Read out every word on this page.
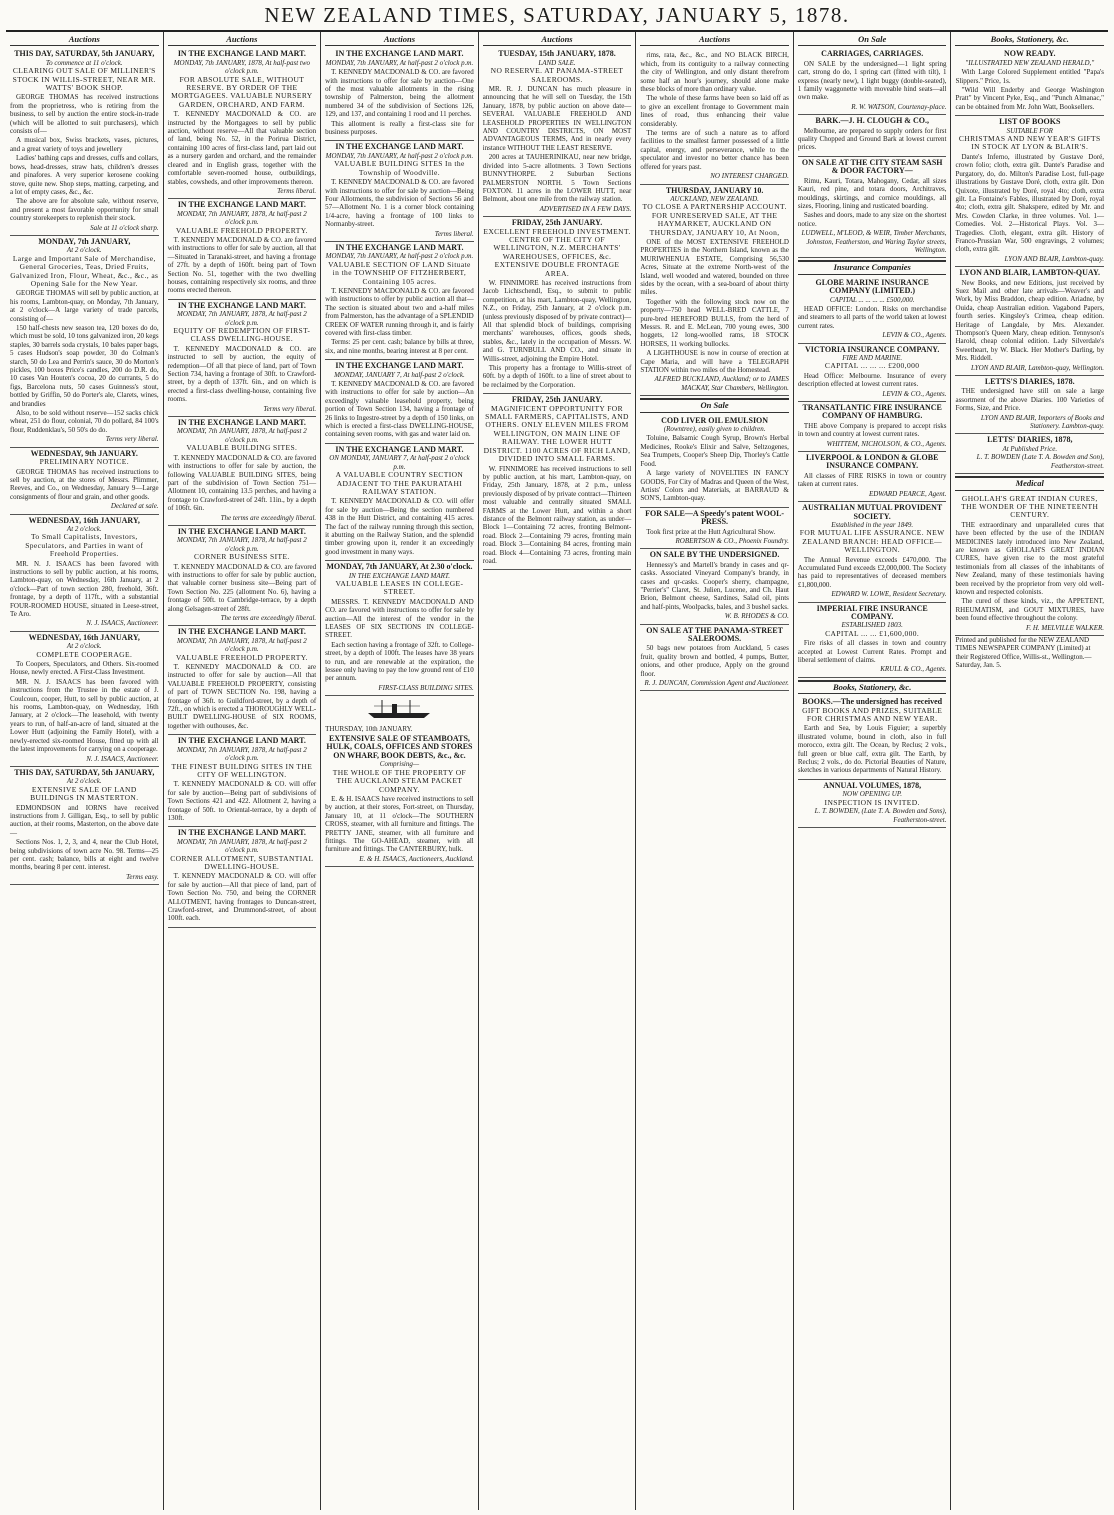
NEW ZEALAND TIMES, SATURDAY, JANUARY 5, 1878.
Auctions
THIS DAY, SATURDAY, 5th JANUARY,
To commence at 11 o'clock.
CLEARING OUT SALE OF MILLINER'S STOCK IN WILLIS-STREET, NEAR MR. WATTS' BOOK SHOP.

GEORGE THOMAS has received instructions from the proprietress, who is retiring from the business, to sell by auction the entire stock-in-trade (which will be allotted to suit purchasers), which consists of—

A musical box, Swiss brackets, vases, pictures, and a great variety of toys and jewellery

Ladies' bathing caps and dresses, cuffs and collars, bows, head-dresses, straw hats, children's dresses and pinafores. A very superior kerosene cooking stove, quite new. Shop steps, matting, carpeting, and a lot of empty cases, &c., &c.

The above are for absolute sale, without reserve, and present a most favorable opportunity for small country storekeepers to replenish their stock.

Sale at 11 o'clock sharp.
MONDAY, 7th JANUARY,
At 2 o'clock.
Large and Important Sale of Merchandise, General Groceries, Teas, Dried Fruits, Galvanized Iron, Flour, Wheat, &c., &c., as Opening Sale for the New Year.

GEORGE THOMAS will sell by public auction, at his rooms, Lambton-quay, on Monday, 7th January, at 2 o'clock—A large variety of trade parcels, consisting of—

150 half-chests new season tea, 120 boxes do do, which must be sold, 10 tons galvanized iron, 20 kegs staples, 30 barrels soda crystals, 10 bales paper bags, 5 cases Hudson's soap powder, 30 do Colman's starch, 50 do Lea and Perrin's sauce, 30 do Morton's pickles, 100 boxes Price's candles, 200 do D.R. do, 10 cases Van Houten's cocoa, 20 do currants, 5 do figs, Barcelona nuts, 50 cases Guinness's stout, bottled by Griffin, 50 do Porter's ale, Clarets, wines, and brandies

Also, to be sold without reserve—152 sacks chick wheat, 251 do flour, colonial, 70 do pollard, 84 100's flour, Ruddenklau's, 50 50's do do.

Terms very liberal.
WEDNESDAY, 9th JANUARY.
PRELIMINARY NOTICE.

GEORGE THOMAS has received instructions to sell by auction, at the stores of Messrs. Plimmer, Reeves, and Co., on Wednesday, January 9—Large consignments of flour and grain, and other goods.

Declared at sale.
WEDNESDAY, 16th JANUARY,
At 2 o'clock.
To Small Capitalists, Investors, Speculators, and Parties in want of Freehold Properties.

MR. N. J. ISAACS has been favored with instructions to sell by public auction, at his rooms, Lambton-quay, on Wednesday, 16th January, at 2 o'clock—Part of town section 280, freehold, 36ft. frontage, by a depth of 117ft., with a substantial FOUR-ROOMED HOUSE, situated in Leese-street, Te Aro.

N. J. ISAACS, Auctioneer.
WEDNESDAY, 16th JANUARY,
At 2 o'clock.
COMPLETE COOPERAGE.

To Coopers, Speculators, and Others. Six-roomed House, newly erected. A First-Class Investment.

MR. N. J. ISAACS has been favored with instructions from the Trustee in the estate of J. Coulcoun, cooper, Hutt, to sell by public auction, at his rooms, Lambton-quay, on Wednesday, 16th January, at 2 o'clock—The leasehold, with twenty years to run, of half-an-acre of land, situated at the Lower Hutt (adjoining the Family Hotel), with a newly-erected six-roomed House, fitted up with all the latest improvements for carrying on a cooperage.

N. J. ISAACS, Auctioneer.
THIS DAY, SATURDAY, 5th JANUARY,
At 2 o'clock.
EXTENSIVE SALE OF LAND BUILDINGS IN MASTERTON.

EDMONDSON and IORNS have received instructions from J. Gilligan, Esq., to sell by public auction, at their rooms, Masterton, on the above date—

Sections Nos. 1, 2, 3, and 4, near the Club Hotel, being subdivisions of town acre No. 98. Terms—25 per cent. cash; balance, bills at eight and twelve months, bearing 8 per cent. interest.

Terms easy.
Auctions
IN THE EXCHANGE LAND MART.
MONDAY, 7th JANUARY, 1878, At half-past two o'clock p.m.
FOR ABSOLUTE SALE, WITHOUT RESERVE. BY ORDER OF THE MORTGAGEES. VALUABLE NURSERY GARDEN, ORCHARD, AND FARM.

T. KENNEDY MACDONALD & CO. are instructed by the Mortgagees to sell by public auction, without reserve—All that valuable section of land, being No. 52, in the Porirua District, containing 100 acres of first-class land, part laid out as a nursery garden and orchard, and the remainder cleared and in English grass, together with the comfortable seven-roomed house, outbuildings, stables, cowsheds, and other improvements thereon.

Terms liberal.
IN THE EXCHANGE LAND MART.
MONDAY, 7th JANUARY, 1878, At half-past 2 o'clock p.m.
VALUABLE FREEHOLD PROPERTY.

T. KENNEDY MACDONALD & CO. are favored with instructions to offer for sale by auction, all that—Situated in Taranaki-street, and having a frontage of 27ft. by a depth of 160ft. being part of Town Section No. 51, together with the two dwelling houses, containing respectively six rooms, and three rooms erected thereon.

IN THE EXCHANGE LAND MART.
MONDAY, 7th JANUARY, 1878, At half-past 2 o'clock p.m.
EQUITY OF REDEMPTION OF FIRST-CLASS DWELLING-HOUSE.

T. KENNEDY MACDONALD & CO. are instructed to sell by auction, the equity of redemption—Of all that piece of land, part of Town Section 734, having a frontage of 30ft. to Crawford-street, by a depth of 137ft. 6in., and on which is erected a first-class dwelling-house, containing five rooms.

Terms very liberal.
IN THE EXCHANGE LAND MART.
MONDAY, 7th JANUARY, 1878, At half-past 2 o'clock p.m.
VALUABLE BUILDING SITES.

T. KENNEDY MACDONALD & CO. are favored with instructions to offer for sale by auction, the following VALUABLE BUILDING SITES, being part of the subdivision of Town Section 751—Allotment 10, containing 13.5 perches, and having a frontage to Crawford-street of 24ft. 11in., by a depth of 106ft. 6in.

The terms are exceedingly liberal.
IN THE EXCHANGE LAND MART.
MONDAY, 7th JANUARY, 1878, At half-past 2 o'clock p.m.
CORNER BUSINESS SITE.

T. KENNEDY MACDONALD & CO. are favored with instructions to offer for sale by public auction, that valuable corner business site—Being part of Town Section No. 225 (allotment No. 6), having a frontage of 50ft. to Cambridge-terrace, by a depth along Gelsagen-street of 28ft.

The terms are exceedingly liberal.
IN THE EXCHANGE LAND MART.
MONDAY, 7th JANUARY, 1878, At half-past 2 o'clock p.m.
VALUABLE FREEHOLD PROPERTY.

T. KENNEDY MACDONALD & CO. are instructed to offer for sale by auction—All that VALUABLE FREEHOLD PROPERTY, consisting of part of TOWN SECTION No. 198, having a frontage of 36ft. to Guildford-street, by a depth of 72ft., on which is erected a THOROUGHLY WELL-BUILT DWELLING-HOUSE of SIX ROOMS, together with outhouses, &c.

IN THE EXCHANGE LAND MART.
MONDAY, 7th JANUARY, 1878, At half-past 2 o'clock p.m.
THE FINEST BUILDING SITES IN THE CITY OF WELLINGTON.

T. KENNEDY MACDONALD & CO. will offer for sale by auction—Being part of subdivisions of Town Sections 421 and 422. Allotment 2, having a frontage of 50ft. to Oriental-terrace, by a depth of 130ft.

IN THE EXCHANGE LAND MART.
MONDAY, 7th JANUARY, 1878, At half-past 2 o'clock p.m.
CORNER ALLOTMENT, SUBSTANTIAL DWELLING-HOUSE.

T. KENNEDY MACDONALD & CO. will offer for sale by auction—All that piece of land, part of Town Section No. 750, and being the CORNER ALLOTMENT, having frontages to Duncan-street, Crawford-street, and Drummond-street, of about 100ft. each.

Auctions
IN THE EXCHANGE LAND MART.
MONDAY, 7th JANUARY, At half-past 2 o'clock p.m.

T. KENNEDY MACDONALD & CO. are favored with instructions to offer for sale by auction—One of the most valuable allotments in the rising township of Palmerston, being the allotment numbered 34 of the subdivision of Sections 126, 129, and 137, and containing 1 rood and 11 perches.

This allotment is really a first-class site for business purposes.

IN THE EXCHANGE LAND MART.
MONDAY, 7th JANUARY, At half-past 2 o'clock p.m.
VALUABLE BUILDING SITES In the Township of Woodville.

T. KENNEDY MACDONALD & CO. are favored with instructions to offer for sale by auction—Being Four Allotments, the subdivision of Sections 56 and 57—Allotment No. 1 is a corner block containing 1/4-acre, having a frontage of 100 links to Normanby-street.

Terms liberal.
IN THE EXCHANGE LAND MART.
MONDAY, 7th JANUARY, At half-past 2 o'clock p.m.
VALUABLE SECTION OF LAND Situate in the TOWNSHIP OF FITZHERBERT, Containing 105 acres.

T. KENNEDY MACDONALD & CO. are favored with instructions to offer by public auction all that—The section is situated about two and a-half miles from Palmerston, has the advantage of a SPLENDID CREEK OF WATER running through it, and is fairly covered with first-class timber.

Terms: 25 per cent. cash; balance by bills at three, six, and nine months, bearing interest at 8 per cent.

IN THE EXCHANGE LAND MART.
MONDAY, JANUARY 7, At half-past 2 o'clock.

T. KENNEDY MACDONALD & CO. are favored with instructions to offer for sale by auction—An exceedingly valuable leasehold property, being portion of Town Section 134, having a frontage of 26 links to Ingestre-street by a depth of 150 links, on which is erected a first-class DWELLING-HOUSE, containing seven rooms, with gas and water laid on.

IN THE EXCHANGE LAND MART.
ON MONDAY, JANUARY 7, At half-past 2 o'clock p.m.
A VALUABLE COUNTRY SECTION ADJACENT TO THE PAKURATAHI RAILWAY STATION.

T. KENNEDY MACDONALD & CO. will offer for sale by auction—Being the section numbered 438 in the Hutt District, and containing 415 acres. The fact of the railway running through this section, it abutting on the Railway Station, and the splendid timber growing upon it, render it an exceedingly good investment in many ways.

MONDAY, 7th JANUARY, At 2.30 o'clock.
IN THE EXCHANGE LAND MART.
VALUABLE LEASES IN COLLEGE-STREET.

MESSRS. T. KENNEDY MACDONALD AND CO. are favored with instructions to offer for sale by auction—All the interest of the vendor in the LEASES OF SIX SECTIONS IN COLLEGE-STREET.

Each section having a frontage of 32ft. to College-street, by a depth of 100ft. The leases have 38 years to run, and are renewable at the expiration, the lessee only having to pay the low ground rent of £10 per annum.

FIRST-CLASS BUILDING SITES.
THURSDAY, 10th JANUARY.
EXTENSIVE SALE OF STEAMBOATS, HULK, COALS, OFFICES AND STORES ON WHARF, BOOK DEBTS, &c., &c.
Comprising—
THE WHOLE OF THE PROPERTY OF THE AUCKLAND STEAM PACKET COMPANY.

E. & H. ISAACS have received instructions to sell by auction, at their stores, Fort-street, on Thursday, January 10, at 11 o'clock—The SOUTHERN CROSS, steamer, with all furniture and fittings. The PRETTY JANE, steamer, with all furniture and fittings. The GO-AHEAD, steamer, with all furniture and fittings. The CANTERBURY, hulk.

E. & H. ISAACS, Auctioneers, Auckland.
Auctions
TUESDAY, 15th JANUARY, 1878.
LAND SALE.
NO RESERVE. AT PANAMA-STREET SALEROOMS.

MR. R. J. DUNCAN has much pleasure in announcing that he will sell on Tuesday, the 15th January, 1878, by public auction on above date—SEVERAL VALUABLE FREEHOLD AND LEASEHOLD PROPERTIES IN WELLINGTON AND COUNTRY DISTRICTS, ON MOST ADVANTAGEOUS TERMS, And in nearly every instance WITHOUT THE LEAST RESERVE.

200 acres at TAUHERINIKAU, near new bridge, divided into 5-acre allotments. 3 Town Sections BUNNYTHORPE. 2 Suburban Sections PALMERSTON NORTH. 5 Town Sections FOXTON. 11 acres in the LOWER HUTT, near Belmont, about one mile from the railway station.

ADVERTISED IN A FEW DAYS.
FRIDAY, 25th JANUARY.
EXCELLENT FREEHOLD INVESTMENT. CENTRE OF THE CITY OF WELLINGTON, N.Z. MERCHANTS' WAREHOUSES, OFFICES, &c. EXTENSIVE DOUBLE FRONTAGE AREA.

W. FINNIMORE has received instructions from Jacob Lichtschendl, Esq., to submit to public competition, at his mart, Lambton-quay, Wellington, N.Z., on Friday, 25th January, at 2 o'clock p.m. (unless previously disposed of by private contract)—All that splendid block of buildings, comprising merchants' warehouses, offices, goods sheds, stables, &c., lately in the occupation of Messrs. W. and G. TURNBULL AND CO., and situate in Willis-street, adjoining the Empire Hotel.

This property has a frontage to Willis-street of 60ft. by a depth of 160ft. to a line of street about to be reclaimed by the Corporation.

FRIDAY, 25th JANUARY.
MAGNIFICENT OPPORTUNITY FOR SMALL FARMERS, CAPITALISTS, AND OTHERS. ONLY ELEVEN MILES FROM WELLINGTON, ON MAIN LINE OF RAILWAY. THE LOWER HUTT DISTRICT. 1100 ACRES OF RICH LAND, DIVIDED INTO SMALL FARMS.

W. FINNIMORE has received instructions to sell by public auction, at his mart, Lambton-quay, on Friday, 25th January, 1878, at 2 p.m., unless previously disposed of by private contract—Thirteen most valuable and centrally situated SMALL FARMS at the Lower Hutt, and within a short distance of the Belmont railway station, as under—Block 1—Containing 72 acres, fronting Belmont-road. Block 2—Containing 79 acres, fronting main road. Block 3—Containing 84 acres, fronting main road. Block 4—Containing 73 acres, fronting main road.

Auctions

rims, rata, &c., &c., and NO BLACK BIRCH, which, from its contiguity to a railway connecting the city of Wellington, and only distant therefrom some half an hour's journey, should alone make these blocks of more than ordinary value.

The whole of these farms have been so laid off as to give an excellent frontage to Government main lines of road, thus enhancing their value considerably.

The terms are of such a nature as to afford facilities to the smallest farmer possessed of a little capital, energy, and perseverance, while to the speculator and investor no better chance has been offered for years past.

NO INTEREST CHARGED.
THURSDAY, JANUARY 10.
AUCKLAND, NEW ZEALAND.
TO CLOSE A PARTNERSHIP ACCOUNT. FOR UNRESERVED SALE, AT THE HAYMARKET, AUCKLAND ON THURSDAY, JANUARY 10, At Noon,

ONE of the MOST EXTENSIVE FREEHOLD PROPERTIES in the Northern Island, known as the MURIWHENUA ESTATE, Comprising 56,530 Acres, Situate at the extreme North-west of the Island, well wooded and watered, bounded on three sides by the ocean, with a sea-board of about thirty miles.

Together with the following stock now on the property—750 head WELL-BRED CATTLE, 7 pure-bred HEREFORD BULLS, from the herd of Messrs. R. and E. McLean, 700 young ewes, 300 hoggets, 12 long-woolled rams, 18 STOCK HORSES, 11 working bullocks.

A LIGHTHOUSE is now in course of erection at Cape Maria, and will have a TELEGRAPH STATION within two miles of the Homestead.

ALFRED BUCKLAND, Auckland; or to JAMES MACKAY, Star Chambers, Wellington.
On Sale
COD LIVER OIL EMULSION
(Rowntree), easily given to children.

Toluine, Balsamic Cough Syrup, Brown's Herbal Medicines, Rooke's Elixir and Salve, Seltzogenes, Sea Trumpets, Cooper's Sheep Dip, Thorley's Cattle Food.

A large variety of NOVELTIES IN FANCY GOODS, For City of Madras and Queen of the West, Artists' Colors and Materials, at BARRAUD & SON'S, Lambton-quay.

FOR SALE—A Speedy's patent WOOL-PRESS.

Took first prize at the Hutt Agricultural Show.

ROBERTSON & CO., Phoenix Foundry.
ON SALE BY THE UNDERSIGNED.

Hennessy's and Martell's brandy in cases and qr-casks. Associated Vineyard Company's brandy, in cases and qr-casks. Cooper's sherry, champagne, "Perrier's" Claret, St. Julien, Lucene, and Ch. Haut Brion, Belmont cheese, Sardines, Salad oil, pints and half-pints, Woolpacks, bales, and 3 bushel sacks.

W. B. RHODES & CO.
ON SALE AT THE PANAMA-STREET SALEROOMS.

50 bags new potatoes from Auckland, 5 cases fruit, quality brown and bottled, 4 pumps, Butter, onions, and other produce, Apply on the ground floor.

R. J. DUNCAN, Commission Agent and Auctioneer.
On Sale
CARRIAGES, CARRIAGES.

ON SALE by the undersigned—1 light spring cart, strong do do, 1 spring cart (fitted with tilt), 1 express (nearly new), 1 light buggy (double-seated), 1 family waggonette with moveable hind seats—all own make.

R. W. WATSON, Courtenay-place.
BARK.—J. H. CLOUGH & CO.,

Melbourne, are prepared to supply orders for first quality Chopped and Ground Bark at lowest current prices.

ON SALE AT THE CITY STEAM SASH & DOOR FACTORY—

Rimu, Kauri, Totara, Mahogany, Cedar, all sizes Kauri, red pine, and totara doors, Architraves, mouldings, skirtings, and cornice mouldings, all sizes, Flooring, lining and rusticated boarding.

Sashes and doors, made to any size on the shortest notice.

LUDWELL, M'LEOD, & WEIR, Timber Merchants, Johnston, Featherston, and Waring Taylor streets, Wellington.
Insurance Companies
GLOBE MARINE INSURANCE COMPANY (LIMITED.)
CAPITAL ... ... ... ... £500,000.

HEAD OFFICE: London. Risks on merchandise and steamers to all parts of the world taken at lowest current rates.

LEVIN & CO., Agents.
VICTORIA INSURANCE COMPANY.
FIRE AND MARINE.
CAPITAL ... ... ... £200,000

Head Office: Melbourne. Insurance of every description effected at lowest current rates.

LEVIN & CO., Agents.
TRANSATLANTIC FIRE INSURANCE COMPANY OF HAMBURG.

THE above Company is prepared to accept risks in town and country at lowest current rates.

WHITTEM, NICHOLSON, & CO., Agents.
LIVERPOOL & LONDON & GLOBE INSURANCE COMPANY.

All classes of FIRE RISKS in town or country taken at current rates.

EDWARD PEARCE, Agent.
AUSTRALIAN MUTUAL PROVIDENT SOCIETY.
Established in the year 1849.
FOR MUTUAL LIFE ASSURANCE. NEW ZEALAND BRANCH: HEAD OFFICE—WELLINGTON.

The Annual Revenue exceeds £470,000. The Accumulated Fund exceeds £2,000,000. The Society has paid to representatives of deceased members £1,800,000.

EDWARD W. LOWE, Resident Secretary.
IMPERIAL FIRE INSURANCE COMPANY.
ESTABLISHED 1803.
CAPITAL ... ... £1,600,000.

Fire risks of all classes in town and country accepted at Lowest Current Rates. Prompt and liberal settlement of claims.

KRULL & CO., Agents.
Books, Stationery, &c.
BOOKS.—The undersigned has received
GIFT BOOKS AND PRIZES, SUITABLE FOR CHRISTMAS AND NEW YEAR.

Earth and Sea, by Louis Figuier; a superbly illustrated volume, bound in cloth, also in full morocco, extra gilt. The Ocean, by Reclus; 2 vols., full green or blue calf, extra gilt. The Earth, by Reclus; 2 vols., do do. Pictorial Beauties of Nature, sketches in various departments of Natural History.

ANNUAL VOLUMES, 1878,
NOW OPENING UP.
INSPECTION IS INVITED.
L. T. BOWDEN, (Late T. A. Bowden and Sons), Featherston-street.
Books, Stationery, &c.
NOW READY.
"ILLUSTRATED NEW ZEALAND HERALD,"

With Large Colored Supplement entitled "Papa's Slippers." Price, 1s.

"Wild Will Enderby and George Washington Pratt" by Vincent Pyke, Esq., and "Punch Almanac," can be obtained from Mr. John Watt, Booksellers.

LIST OF BOOKS
SUITABLE FOR
CHRISTMAS AND NEW YEAR'S GIFTS IN STOCK AT LYON & BLAIR'S.

Dante's Inferno, illustrated by Gustave Doré, crown folio; cloth, extra gilt. Dante's Paradise and Purgatory, do, do. Milton's Paradise Lost, full-page illustrations by Gustave Doré, cloth, extra gilt. Don Quixote, illustrated by Doré, royal 4to; cloth, extra gilt. La Fontaine's Fables, illustrated by Doré, royal 4to; cloth, extra gilt. Shakspere, edited by Mr. and Mrs. Cowden Clarke, in three volumes. Vol. 1—Comedies. Vol. 2—Historical Plays. Vol. 3—Tragedies. Cloth, elegant, extra gilt. History of Franco-Prussian War, 500 engravings, 2 volumes; cloth, extra gilt.

LYON AND BLAIR, Lambton-quay.
LYON AND BLAIR, LAMBTON-QUAY.

New Books, and new Editions, just received by Suez Mail and other late arrivals—Weaver's and Work, by Miss Braddon, cheap edition. Ariadne, by Ouida, cheap Australian edition. Vagabond Papers, fourth series. Kingsley's Crimea, cheap edition. Heritage of Langdale, by Mrs. Alexander. Thompson's Queen Mary, cheap edition. Tennyson's Harold, cheap colonial edition. Lady Silverdale's Sweetheart, by W. Black. Her Mother's Darling, by Mrs. Riddell.

LYON AND BLAIR, Lambton-quay, Wellington.
LETTS'S DIARIES, 1878.

THE undersigned have still on sale a large assortment of the above Diaries. 100 Varieties of Forms, Size, and Price.

LYON AND BLAIR, Importers of Books and Stationery. Lambton-quay.
LETTS' DIARIES, 1878,
At Published Price.
L. T. BOWDEN (Late T. A. Bowden and Son), Featherston-street.
Medical
GHOLLAH'S GREAT INDIAN CURES, THE WONDER OF THE NINETEENTH CENTURY.

THE extraordinary and unparalleled cures that have been effected by the use of the INDIAN MEDICINES lately introduced into New Zealand, are known as GHOLLAH'S GREAT INDIAN CURES, have given rise to the most grateful testimonials from all classes of the inhabitants of New Zealand, many of these testimonials having been received by the proprietor from very old well-known and respected colonists.

The cured of these kinds, viz., the APPETENT, RHEUMATISM, and GOUT MIXTURES, have been found effective throughout the colony.

F. H. MELVILLE WALKER.
Printed and published for the NEW ZEALAND TIMES NEWSPAPER COMPANY (Limited) at their Registered Office, Willis-st., Wellington.—Saturday, Jan. 5.
